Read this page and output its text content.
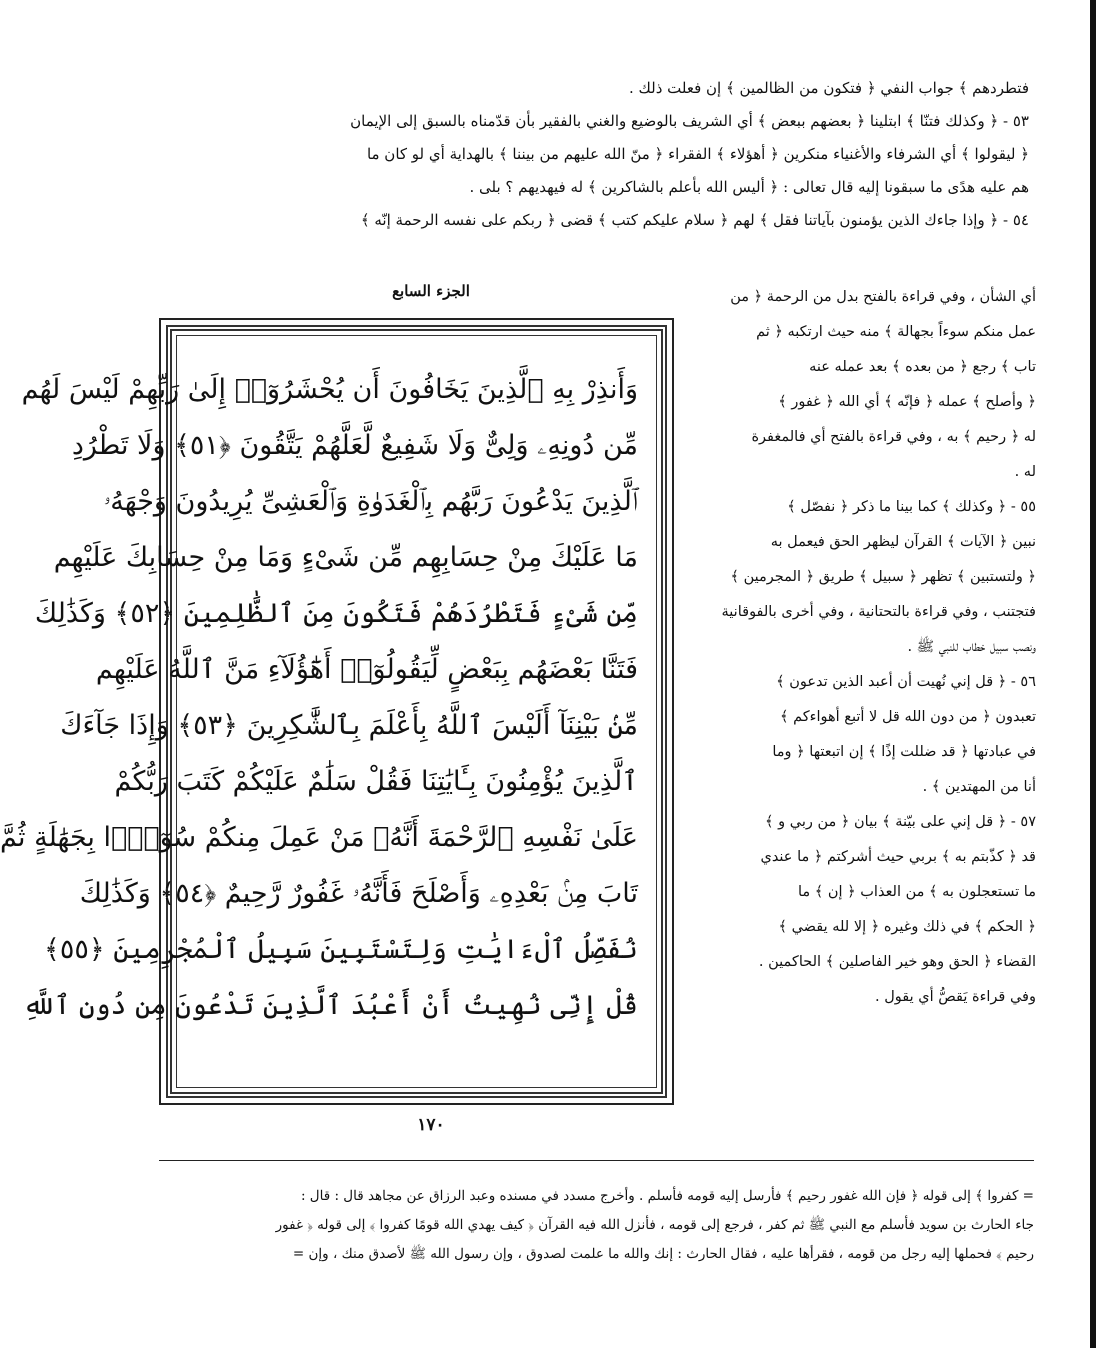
فتطردهم ﴾ جواب النفي ﴿ فتكون من الظالمين ﴾ إن فعلت ذلك .

٥٣ - ﴿ وكذلك فتنّا ﴾ ابتلينا ﴿ بعضهم ببعض ﴾ أي الشريف بالوضيع والغني بالفقير بأن قدّمناه بالسبق إلى الإيمان

﴿ ليقولوا ﴾ أي الشرفاء والأغنياء منكرين ﴿ أهؤلاء ﴾ الفقراء ﴿ منّ الله عليهم من بيننا ﴾ بالهداية أي لو كان ما

هم عليه هدًى ما سبقونا إليه قال تعالى : ﴿ أليس الله بأعلم بالشاكرين ﴾ له فيهديهم ؟ بلى .

٥٤ - ﴿ وإذا جاءك الذين يؤمنون بآياتنا فقل ﴾ لهم ﴿ سلام عليكم كتب ﴾ قضى ﴿ ربكم على نفسه الرحمة إنّه ﴾

الجزء السابع
وَأَنذِرْ بِهِ ٱلَّذِينَ يَخَافُونَ أَن يُحْشَرُوٓا۟ إِلَىٰ رَبِّهِمْ لَيْسَ لَهُم
مِّن دُونِهِۦ وَلِىٌّ وَلَا شَفِيعٌ لَّعَلَّهُمْ يَتَّقُونَ ﴿٥١﴾ وَلَا تَطْرُدِ
ٱلَّذِينَ يَدْعُونَ رَبَّهُم بِٱلْغَدَوٰةِ وَٱلْعَشِىِّ يُرِيدُونَ وَجْهَهُۥ
مَا عَلَيْكَ مِنْ حِسَابِهِم مِّن شَىْءٍ وَمَا مِنْ حِسَابِكَ عَلَيْهِم
مِّن شَىْءٍ فَتَطْرُدَهُمْ فَتَكُونَ مِنَ ٱلظَّٰلِمِينَ ﴿٥٢﴾ وَكَذَٰلِكَ
فَتَنَّا بَعْضَهُم بِبَعْضٍ لِّيَقُولُوٓا۟ أَهَٰٓؤُلَآءِ مَنَّ ٱللَّهُ عَلَيْهِم
مِّنۢ بَيْنِنَآ أَلَيْسَ ٱللَّهُ بِأَعْلَمَ بِٱلشَّٰكِرِينَ ﴿٥٣﴾ وَإِذَا جَآءَكَ
ٱلَّذِينَ يُؤْمِنُونَ بِـَٔايَٰتِنَا فَقُلْ سَلَٰمٌ عَلَيْكُمْ كَتَبَ رَبُّكُمْ
عَلَىٰ نَفْسِهِ ٱلرَّحْمَةَ أَنَّهُۥ مَنْ عَمِلَ مِنكُمْ سُوٓءًۢا بِجَهَٰلَةٍ ثُمَّ
تَابَ مِنۢ بَعْدِهِۦ وَأَصْلَحَ فَأَنَّهُۥ غَفُورٌ رَّحِيمٌ ﴿٥٤﴾ وَكَذَٰلِكَ
نُفَصِّلُ ٱلْءَايَٰتِ وَلِتَسْتَبِينَ سَبِيلُ ٱلْمُجْرِمِينَ ﴿٥٥﴾
قُلْ إِنِّى نُهِيتُ أَنْ أَعْبُدَ ٱلَّذِينَ تَدْعُونَ مِن دُونِ ٱللَّهِ
١٧٠

أي الشأن ، وفي قراءة بالفتح بدل من الرحمة ﴿ من

عمل منكم سوءاً بجهالة ﴾ منه حيث ارتكبه ﴿ ثم

تاب ﴾ رجع ﴿ من بعده ﴾ بعد عمله عنه

﴿ وأصلح ﴾ عمله ﴿ فإنّه ﴾ أي الله ﴿ غفور ﴾

له ﴿ رحيم ﴾ به ، وفي قراءة بالفتح أي فالمغفرة

له .

٥٥ - ﴿ وكذلك ﴾ كما بينا ما ذكر ﴿ نفصّل ﴾

نبين ﴿ الآيات ﴾ القرآن ليظهر الحق فيعمل به

﴿ ولتستبين ﴾ تظهر ﴿ سبيل ﴾ طريق ﴿ المجرمين ﴾

فتجتنب ، وفي قراءة بالتحتانية ، وفي أخرى بالفوقانية

ونصب سبيل خطاب للنبي ﷺ .

٥٦ - ﴿ قل إني نُهيت أن أعبد الذين تدعون ﴾

تعبدون ﴿ من دون الله قل لا أتبع أهواءكم ﴾

في عبادتها ﴿ قد ضللت إذًا ﴾ إن اتبعتها ﴿ وما

أنا من المهتدين ﴾ .

٥٧ - ﴿ قل إني على بيّنة ﴾ بيان ﴿ من ربي و ﴾

قد ﴿ كذّبتم به ﴾ بربي حيث أشركتم ﴿ ما عندي

ما تستعجلون به ﴾ من العذاب ﴿ إن ﴾ ما

﴿ الحكم ﴾ في ذلك وغيره ﴿ إلا لله يقضي ﴾

القضاء ﴿ الحق وهو خير الفاصلين ﴾ الحاكمين .

وفي قراءة يَقصُّ أي يقول .

= كفروا ﴾ إلى قوله ﴿ فإن الله غفور رحيم ﴾ فأرسل إليه قومه فأسلم . وأخرج مسدد في مسنده وعبد الرزاق عن مجاهد قال : قال :

جاء الحارث بن سويد فأسلم مع النبي ﷺ ثم كفر ، فرجع إلى قومه ، فأنزل الله فيه القرآن ﴿ كيف يهدي الله قومًا كفروا ﴾ إلى قوله ﴿ غفور

رحيم ﴾ فحملها إليه رجل من قومه ، فقرأها عليه ، فقال الحارث : إنك والله ما علمت لصدوق ، وإن رسول الله ﷺ لأصدق منك ، وإن =
